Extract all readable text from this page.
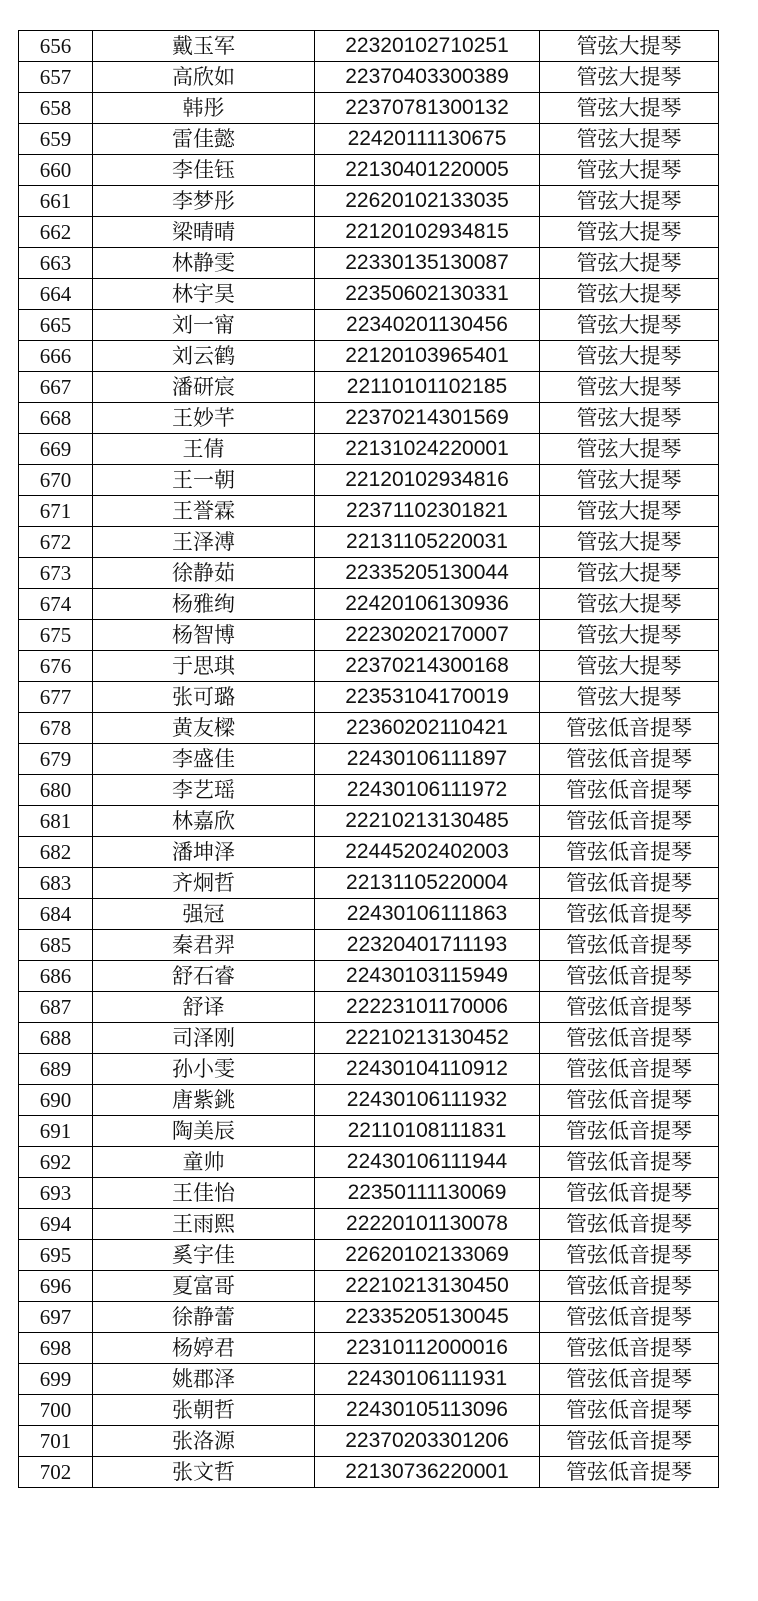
656	戴玉军	22320102710251	管弦大提琴
657	高欣如	22370403300389	管弦大提琴
658	韩彤	22370781300132	管弦大提琴
659	雷佳懿	22420111130675	管弦大提琴
660	李佳钰	22130401220005	管弦大提琴
661	李梦彤	22620102133035	管弦大提琴
662	梁晴晴	22120102934815	管弦大提琴
663	林静雯	22330135130087	管弦大提琴
664	林宇昊	22350602130331	管弦大提琴
665	刘一甯	22340201130456	管弦大提琴
666	刘云鹤	22120103965401	管弦大提琴
667	潘研宸	22110101102185	管弦大提琴
668	王妙芊	22370214301569	管弦大提琴
669	王倩	22131024220001	管弦大提琴
670	王一朝	22120102934816	管弦大提琴
671	王誉霖	22371102301821	管弦大提琴
672	王泽溥	22131105220031	管弦大提琴
673	徐静茹	22335205130044	管弦大提琴
674	杨雅绚	22420106130936	管弦大提琴
675	杨智博	22230202170007	管弦大提琴
676	于思琪	22370214300168	管弦大提琴
677	张可璐	22353104170019	管弦大提琴
678	黄友樑	22360202110421	管弦低音提琴
679	李盛佳	22430106111897	管弦低音提琴
680	李艺瑶	22430106111972	管弦低音提琴
681	林嘉欣	22210213130485	管弦低音提琴
682	潘坤泽	22445202402003	管弦低音提琴
683	齐炯哲	22131105220004	管弦低音提琴
684	强冠	22430106111863	管弦低音提琴
685	秦君羿	22320401711193	管弦低音提琴
686	舒石睿	22430103115949	管弦低音提琴
687	舒译	22223101170006	管弦低音提琴
688	司泽刚	22210213130452	管弦低音提琴
689	孙小雯	22430104110912	管弦低音提琴
690	唐紫銚	22430106111932	管弦低音提琴
691	陶美辰	22110108111831	管弦低音提琴
692	童帅	22430106111944	管弦低音提琴
693	王佳怡	22350111130069	管弦低音提琴
694	王雨熙	22220101130078	管弦低音提琴
695	奚宇佳	22620102133069	管弦低音提琴
696	夏富哥	22210213130450	管弦低音提琴
697	徐静蕾	22335205130045	管弦低音提琴
698	杨婷君	22310112000016	管弦低音提琴
699	姚郡泽	22430106111931	管弦低音提琴
700	张朝哲	22430105113096	管弦低音提琴
701	张洛源	22370203301206	管弦低音提琴
702	张文哲	22130736220001	管弦低音提琴
